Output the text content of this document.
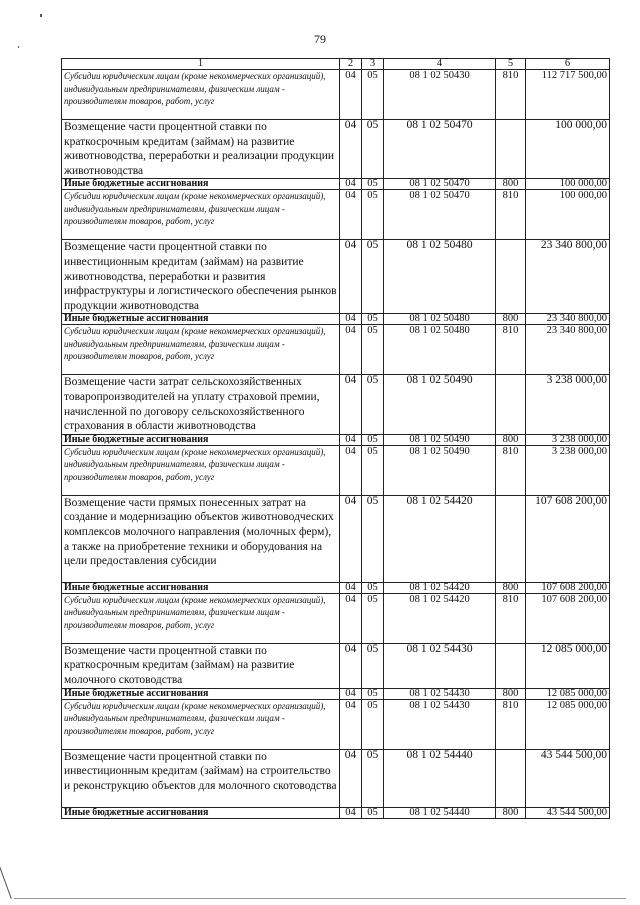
79
1	2	3	4	5	6
Субсидии юридическим лицам (кроме некоммерческих организаций), индивидуальным предпринимателям, физическим лицам - производителям товаров, работ, услуг	04	05	08 1 02 50430	810	112 717 500,00
Возмещение части процентной ставки по краткосрочным кредитам (займам) на развитие животноводства, переработки и реализации продукции животноводства	04	05	08 1 02 50470		100 000,00
Иные бюджетные ассигнования	04	05	08 1 02 50470	800	100 000,00
Субсидии юридическим лицам (кроме некоммерческих организаций), индивидуальным предпринимателям, физическим лицам - производителям товаров, работ, услуг	04	05	08 1 02 50470	810	100 000,00
Возмещение части процентной ставки по инвестиционным кредитам (займам) на развитие животноводства, переработки и развития инфраструктуры и логистического обеспечения рынков продукции животноводства	04	05	08 1 02 50480		23 340 800,00
Иные бюджетные ассигнования	04	05	08 1 02 50480	800	23 340 800,00
Субсидии юридическим лицам (кроме некоммерческих организаций), индивидуальным предпринимателям, физическим лицам - производителям товаров, работ, услуг	04	05	08 1 02 50480	810	23 340 800,00
Возмещение части затрат сельскохозяйственных товаропроизводителей на уплату страховой премии, начисленной по договору сельскохозяйственного страхования в области животноводства	04	05	08 1 02 50490		3 238 000,00
Иные бюджетные ассигнования	04	05	08 1 02 50490	800	3 238 000,00
Субсидии юридическим лицам (кроме некоммерческих организаций), индивидуальным предпринимателям, физическим лицам - производителям товаров, работ, услуг	04	05	08 1 02 50490	810	3 238 000,00
Возмещение части прямых понесенных затрат на создание и модернизацию объектов животноводческих комплексов молочного направления (молочных ферм), а также на приобретение техники и оборудования на цели предоставления субсидии	04	05	08 1 02 54420		107 608 200,00
Иные бюджетные ассигнования	04	05	08 1 02 54420	800	107 608 200,00
Субсидии юридическим лицам (кроме некоммерческих организаций), индивидуальным предпринимателям, физическим лицам - производителям товаров, работ, услуг	04	05	08 1 02 54420	810	107 608 200,00
Возмещение части процентной ставки по краткосрочным кредитам (займам) на развитие молочного скотоводства	04	05	08 1 02 54430		12 085 000,00
Иные бюджетные ассигнования	04	05	08 1 02 54430	800	12 085 000,00
Субсидии юридическим лицам (кроме некоммерческих организаций), индивидуальным предпринимателям, физическим лицам - производителям товаров, работ, услуг	04	05	08 1 02 54430	810	12 085 000,00
Возмещение части процентной ставки по инвестиционным кредитам (займам) на строительство и реконструкцию объектов для молочного скотоводства	04	05	08 1 02 54440		43 544 500,00
Иные бюджетные ассигнования	04	05	08 1 02 54440	800	43 544 500,00
